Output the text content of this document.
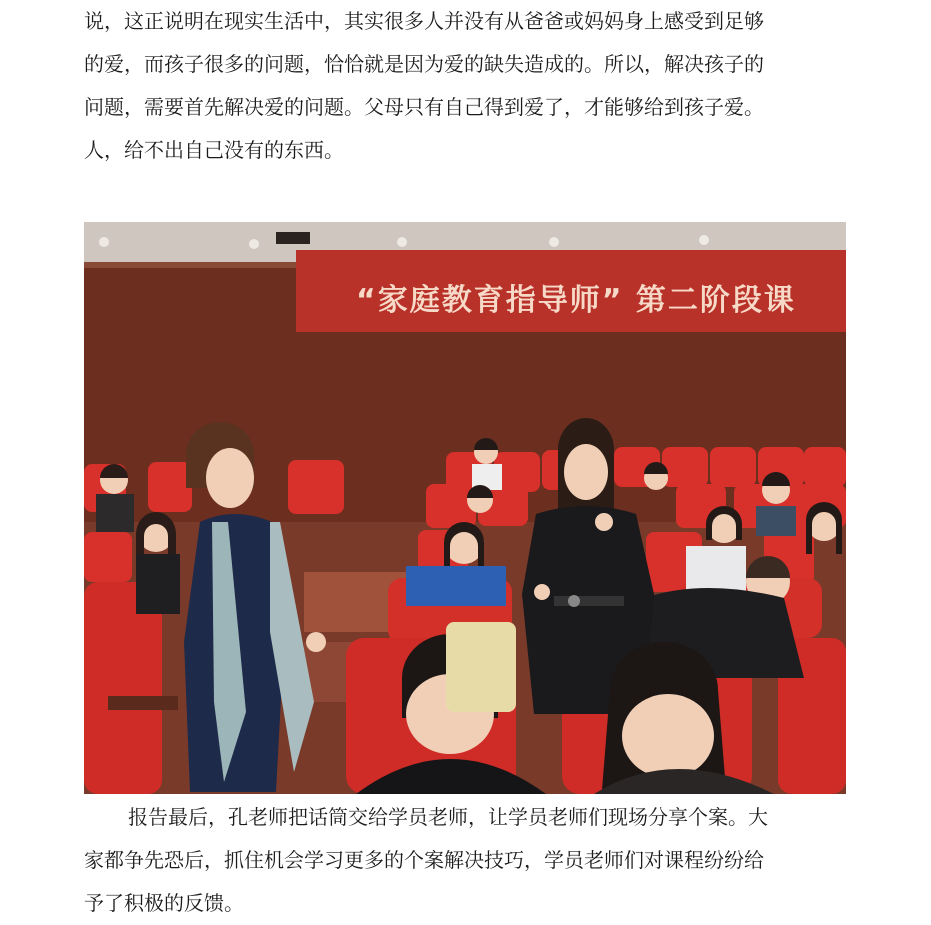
说，这正说明在现实生活中，其实很多人并没有从爸爸或妈妈身上感受到足够
的爱，而孩子很多的问题，恰恰就是因为爱的缺失造成的。所以，解决孩子的
问题，需要首先解决爱的问题。父母只有自己得到爱了，才能够给到孩子爱。
人，给不出自己没有的东西。

“家庭教育指导师” 第二阶段课

报告最后，孔老师把话筒交给学员老师，让学员老师们现场分享个案。大
家都争先恐后，抓住机会学习更多的个案解决技巧，学员老师们对课程纷纷给
予了积极的反馈。
